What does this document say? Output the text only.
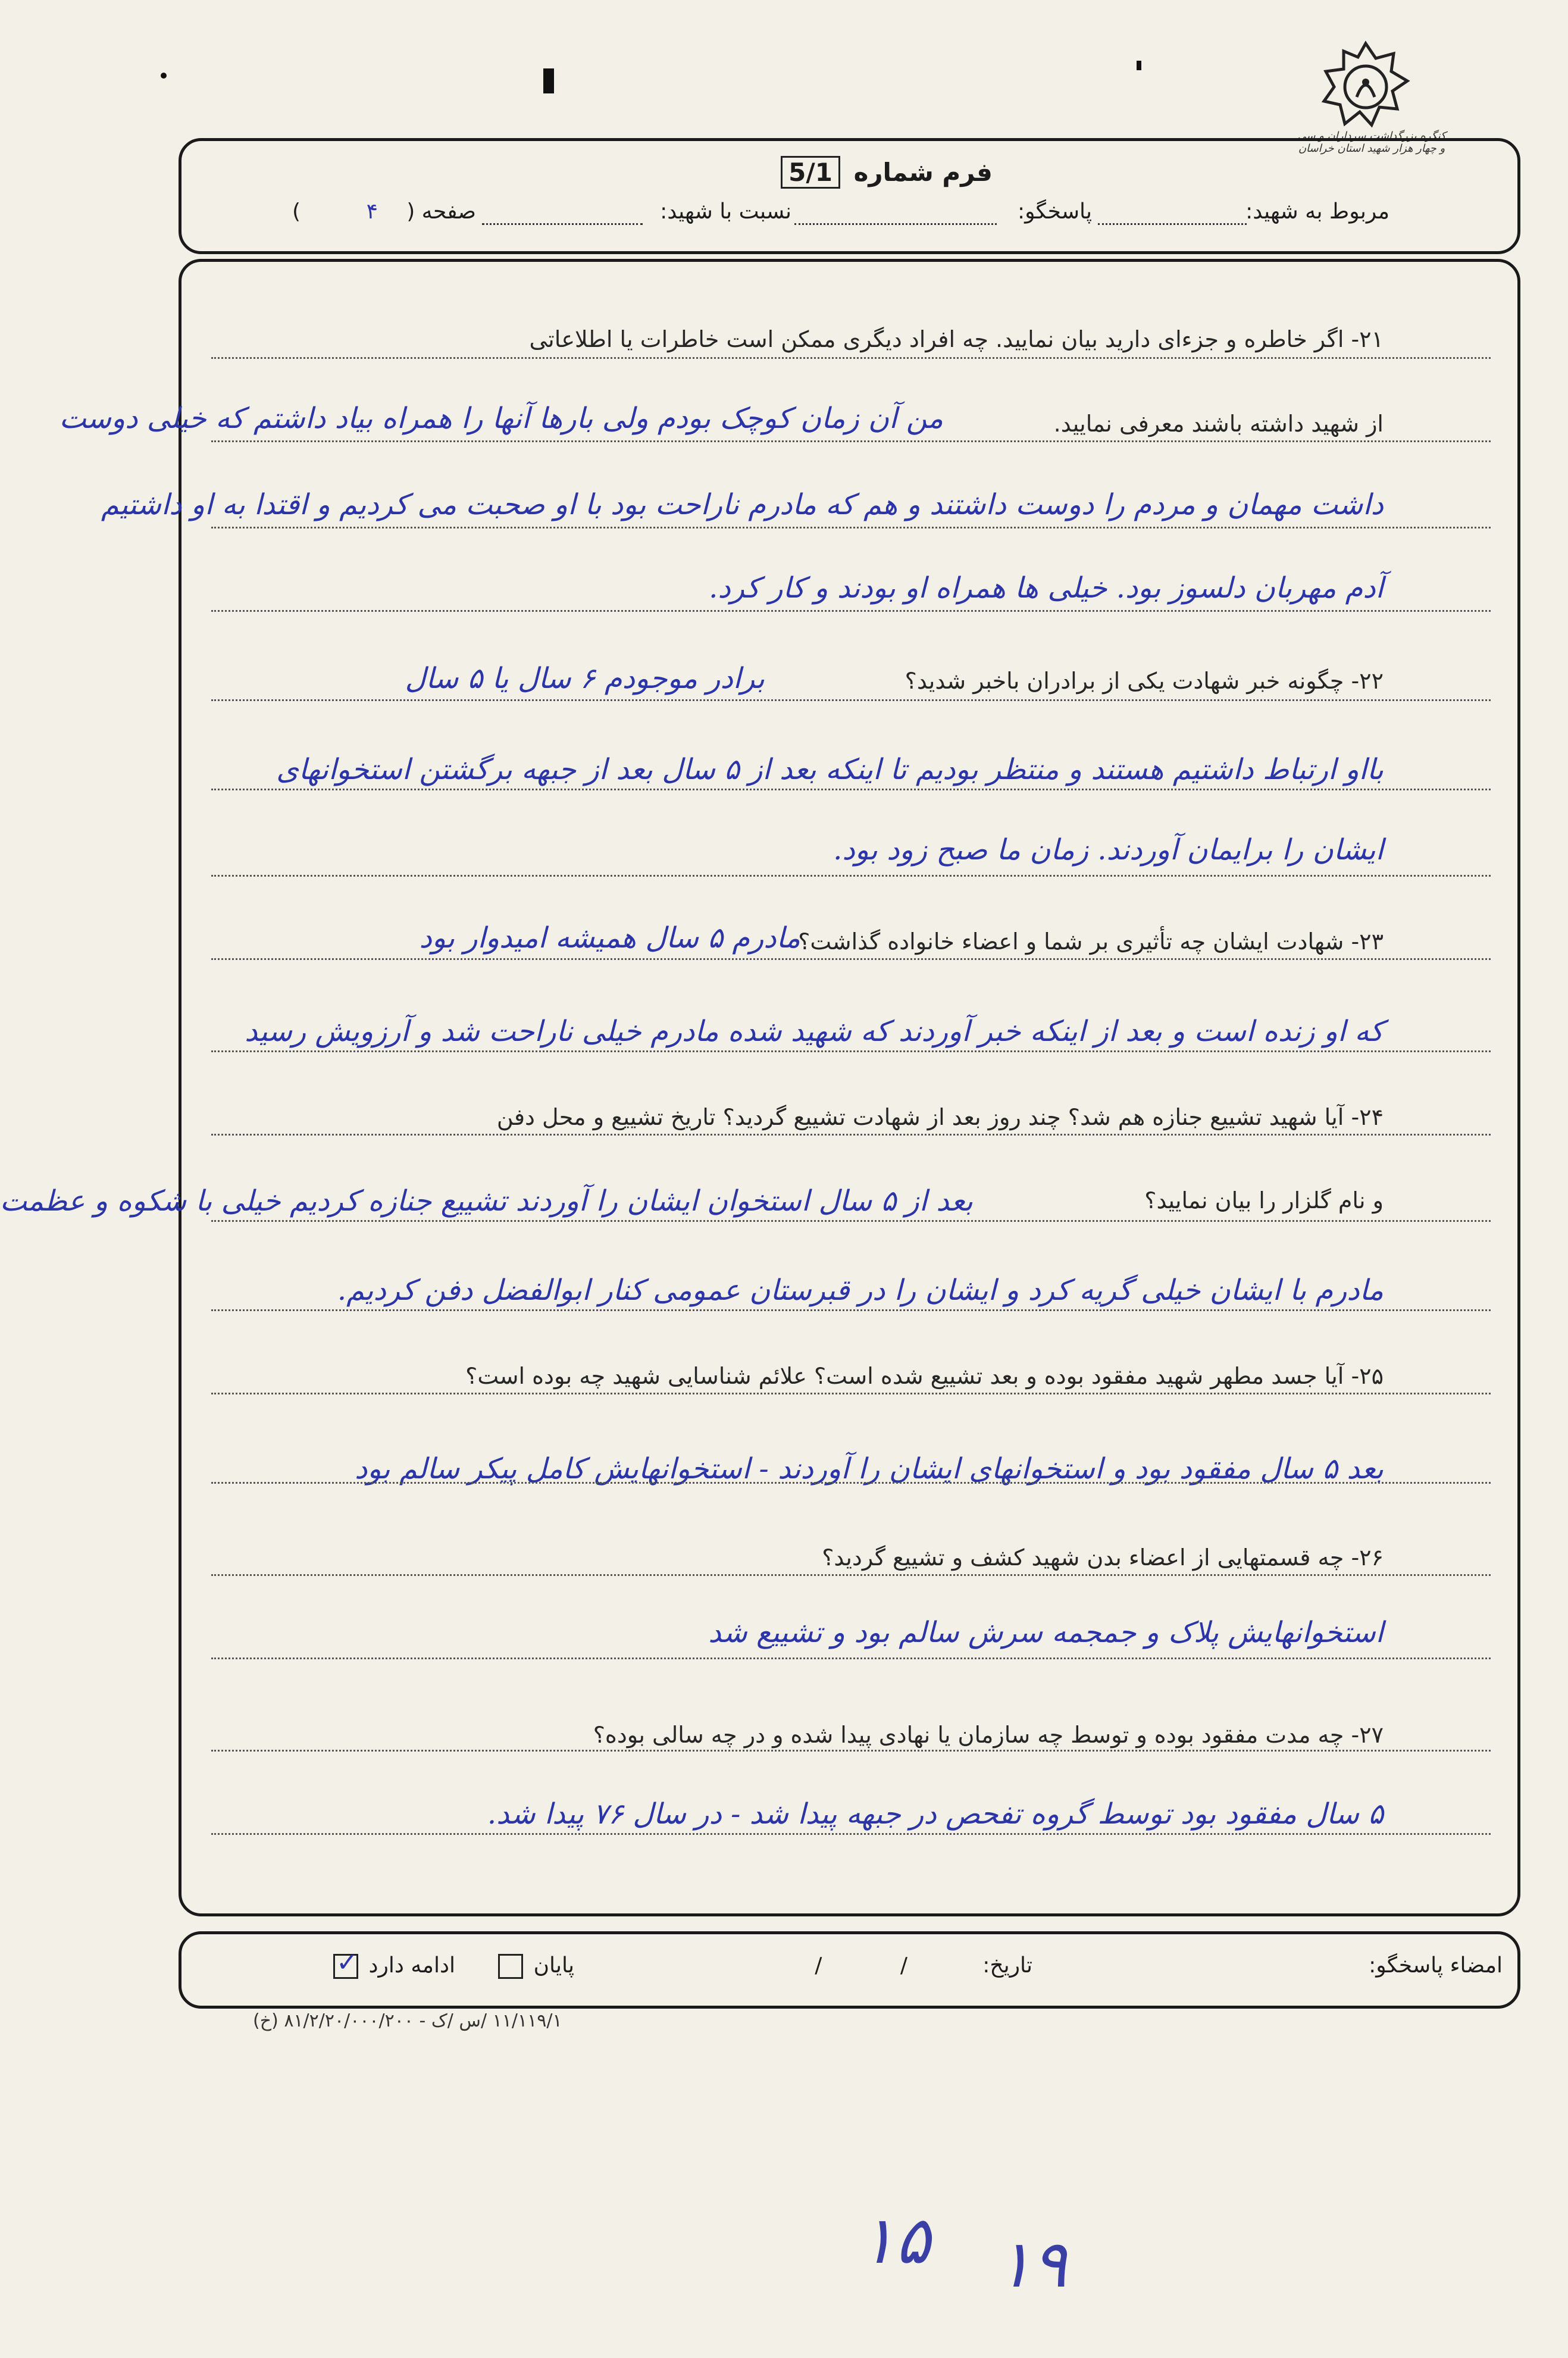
کنگره بزرگداشت سرداران و سی و چهار هزار شهید استان خراسان
فرم شماره 5/1
مربوط به شهید:
پاسخگو:
نسبت با شهید:
صفحه (
۴
)
۲۱- اگر خاطره و جزء‌ای دارید بیان نمایید. چه افراد دیگری ممکن است خاطرات یا اطلاعاتی
از شهید داشته باشند معرفی نمایید.
من آن زمان کوچک بودم ولی بارها آنها را همراه بیاد داشتم که خیلی دوست
داشت مهمان و مردم را دوست داشتند و هم که مادرم ناراحت بود با او صحبت می کردیم و اقتدا به او داشتیم
آدم مهربان دلسوز بود. خیلی ها همراه او بودند و کار کرد.
۲۲- چگونه خبر شهادت یکی از برادران باخبر شدید؟
برادر موجودم ۶ سال یا ۵ سال
بااو ارتباط داشتیم هستند و منتظر بودیم تا اینکه بعد از ۵ سال بعد از جبهه برگشتن استخوانهای
ایشان را برایمان آوردند. زمان ما صبح زود بود.
۲۳- شهادت ایشان چه تأثیری بر شما و اعضاء خانواده گذاشت؟
مادرم ۵ سال همیشه امیدوار بود
که او زنده است و بعد از اینکه خبر آوردند که شهید شده مادرم خیلی ناراحت شد و آرزویش رسید
۲۴- آیا شهید تشییع جنازه هم شد؟ چند روز بعد از شهادت تشییع گردید؟ تاریخ تشییع و محل دفن
و نام گلزار را بیان نمایید؟
بعد از ۵ سال استخوان ایشان را آوردند تشییع جنازه کردیم خیلی با شکوه و عظمت
مادرم با ایشان خیلی گریه کرد و ایشان را در قبرستان عمومی کنار ابوالفضل دفن کردیم.
۲۵- آیا جسد مطهر شهید مفقود بوده و بعد تشییع شده است؟ علائم شناسایی شهید چه بوده است؟
بعد ۵ سال مفقود بود و استخوانهای ایشان را آوردند - استخوانهایش کامل پیکر سالم بود
۲۶- چه قسمتهایی از اعضاء بدن شهید کشف و تشییع گردید؟
استخوانهایش پلاک و جمجمه سرش سالم بود و تشییع شد
۲۷- چه مدت مفقود بوده و توسط چه سازمان یا نهادی پیدا شده و در چه سالی بوده؟
۵ سال مفقود بود توسط گروه تفحص در جبهه پیدا شد - در سال ۷۶ پیدا شد.
امضاء پاسخگو:
تاریخ:
/ /
پایان
ادامه دارد ✓
۱۱/۱۱۹/۱ /س /ک - ۸۱/۲/۲۰/۰۰۰/۲۰۰ (خ)
۱۵ ۱۹
